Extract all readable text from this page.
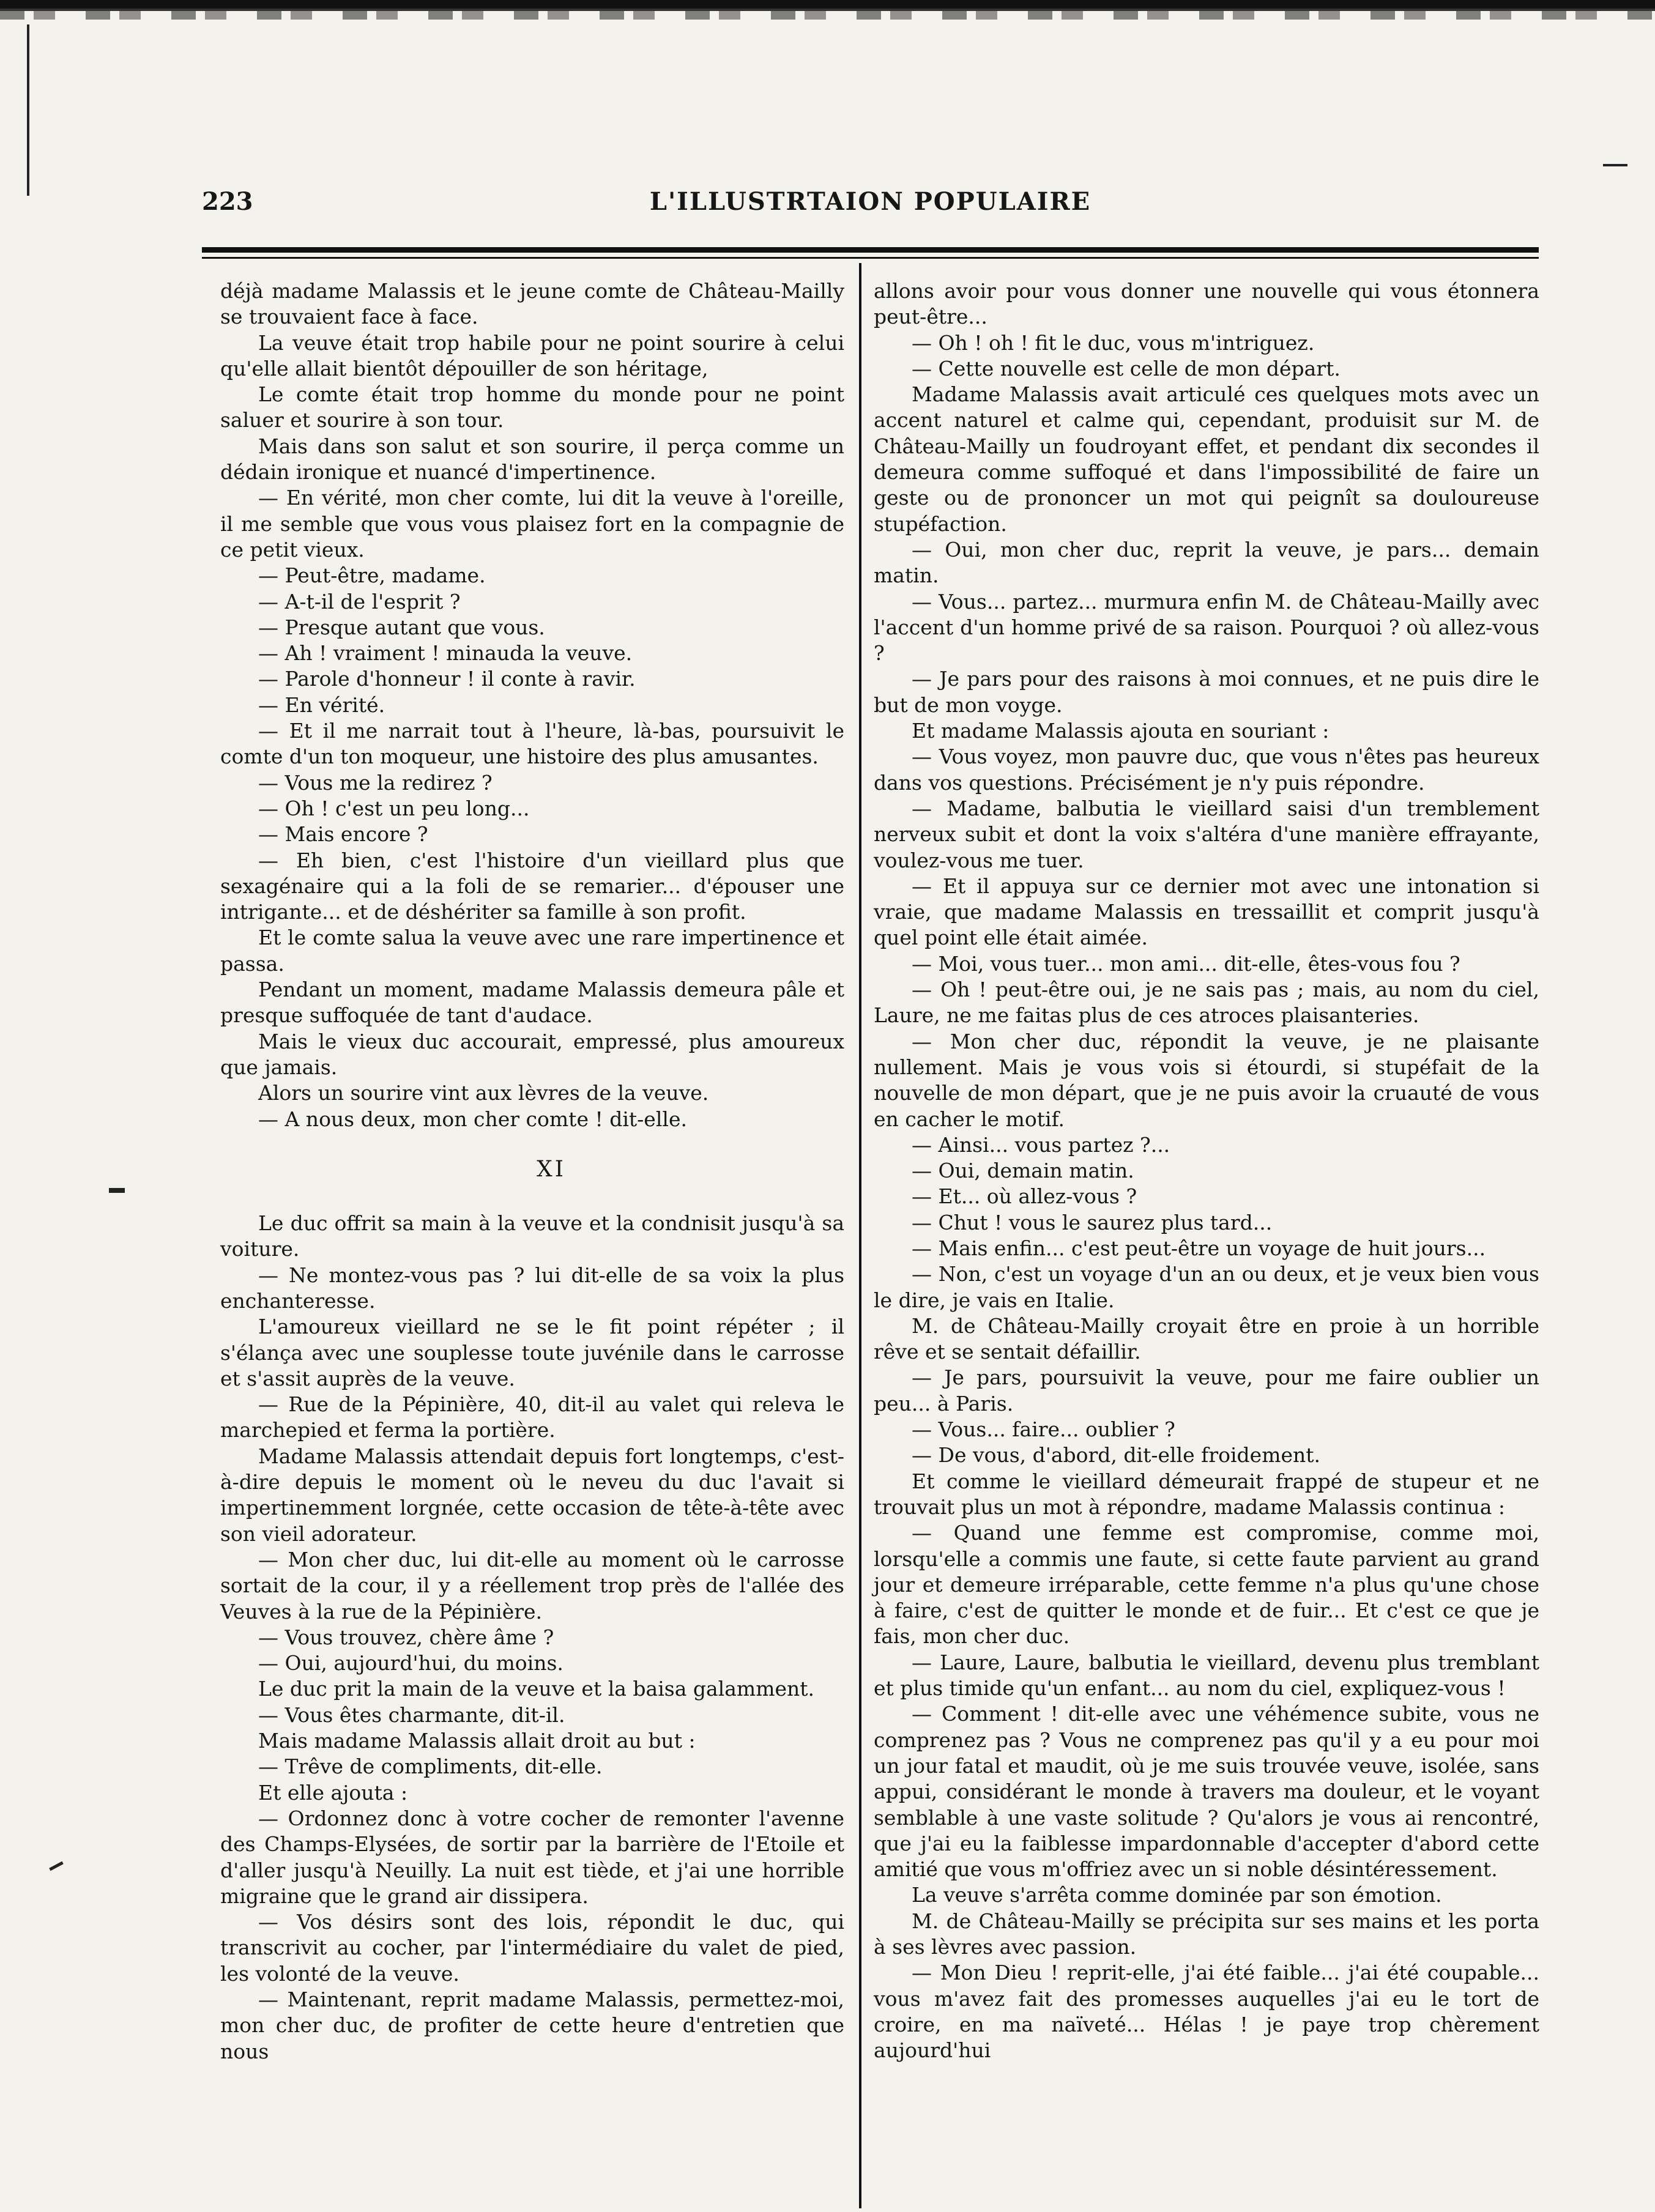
223	L'ILLUSTRTAION POPULAIRE

déjà madame Malassis et le jeune comte de Château-Mailly se trouvaient face à face.

La veuve était trop habile pour ne point sourire à celui qu'elle allait bientôt dépouiller de son héritage,

Le comte était trop homme du monde pour ne point saluer et sourire à son tour.

Mais dans son salut et son sourire, il perça comme un dédain ironique et nuancé d'impertinence.

— En vérité, mon cher comte, lui dit la veuve à l'oreille, il me semble que vous vous plaisez fort en la compagnie de ce petit vieux.

— Peut-être, madame.

— A-t-il de l'esprit ?

— Presque autant que vous.

— Ah ! vraiment ! minauda la veuve.

— Parole d'honneur ! il conte à ravir.

— En vérité.

— Et il me narrait tout à l'heure, là-bas, poursuivit le comte d'un ton moqueur, une histoire des plus amusantes.

— Vous me la redirez ?

— Oh ! c'est un peu long...

— Mais encore ?

— Eh bien, c'est l'histoire d'un vieillard plus que sexagénaire qui a la foli de se remarier... d'épouser une intrigante... et de déshériter sa famille à son profit.

Et le comte salua la veuve avec une rare impertinence et passa.

Pendant un moment, madame Malassis demeura pâle et presque suffoquée de tant d'audace.

Mais le vieux duc accourait, empressé, plus amoureux que jamais.

Alors un sourire vint aux lèvres de la veuve.

— A nous deux, mon cher comte ! dit-elle.

XI

Le duc offrit sa main à la veuve et la condnisit jusqu'à sa voiture.

— Ne montez-vous pas ? lui dit-elle de sa voix la plus enchanteresse.

L'amoureux vieillard ne se le fit point répéter ; il s'élança avec une souplesse toute juvénile dans le carrosse et s'assit auprès de la veuve.

— Rue de la Pépinière, 40, dit-il au valet qui releva le marchepied et ferma la portière.

Madame Malassis attendait depuis fort longtemps, c'est-à-dire depuis le moment où le neveu du duc l'avait si impertinemment lorgnée, cette occasion de tête-à-tête avec son vieil adorateur.

— Mon cher duc, lui dit-elle au moment où le carrosse sortait de la cour, il y a réellement trop près de l'allée des Veuves à la rue de la Pépinière.

— Vous trouvez, chère âme ?

— Oui, aujourd'hui, du moins.

Le duc prit la main de la veuve et la baisa galamment.

— Vous êtes charmante, dit-il.

Mais madame Malassis allait droit au but :

— Trêve de compliments, dit-elle.

Et elle ajouta :

— Ordonnez donc à votre cocher de remonter l'avenne des Champs-Elysées, de sortir par la barrière de l'Etoile et d'aller jusqu'à Neuilly. La nuit est tiède, et j'ai une horrible migraine que le grand air dissipera.

— Vos désirs sont des lois, répondit le duc, qui transcrivit au cocher, par l'intermédiaire du valet de pied, les volonté de la veuve.

— Maintenant, reprit madame Malassis, permettez-moi, mon cher duc, de profiter de cette heure d'entretien que nous

allons avoir pour vous donner une nouvelle qui vous étonnera peut-être...

— Oh ! oh ! fit le duc, vous m'intriguez.

— Cette nouvelle est celle de mon départ.

Madame Malassis avait articulé ces quelques mots avec un accent naturel et calme qui, cependant, produisit sur M. de Château-Mailly un foudroyant effet, et pendant dix secondes il demeura comme suffoqué et dans l'impossibilité de faire un geste ou de prononcer un mot qui peignît sa douloureuse stupéfaction.

— Oui, mon cher duc, reprit la veuve, je pars... demain matin.

— Vous... partez... murmura enfin M. de Château-Mailly avec l'accent d'un homme privé de sa raison. Pourquoi ? où allez-vous ?

— Je pars pour des raisons à moi connues, et ne puis dire le but de mon voyge.

Et madame Malassis ajouta en souriant :

— Vous voyez, mon pauvre duc, que vous n'êtes pas heureux dans vos questions. Précisément je n'y puis répondre.

— Madame, balbutia le vieillard saisi d'un tremblement nerveux subit et dont la voix s'altéra d'une manière effrayante, voulez-vous me tuer.

— Et il appuya sur ce dernier mot avec une intonation si vraie, que madame Malassis en tressaillit et comprit jusqu'à quel point elle était aimée.

— Moi, vous tuer... mon ami... dit-elle, êtes-vous fou ?

— Oh ! peut-être oui, je ne sais pas ; mais, au nom du ciel, Laure, ne me faitas plus de ces atroces plaisanteries.

— Mon cher duc, répondit la veuve, je ne plaisante nullement. Mais je vous vois si étourdi, si stupéfait de la nouvelle de mon départ, que je ne puis avoir la cruauté de vous en cacher le motif.

— Ainsi... vous partez ?...

— Oui, demain matin.

— Et... où allez-vous ?

— Chut ! vous le saurez plus tard...

— Mais enfin... c'est peut-être un voyage de huit jours...

— Non, c'est un voyage d'un an ou deux, et je veux bien vous le dire, je vais en Italie.

M. de Château-Mailly croyait être en proie à un horrible rêve et se sentait défaillir.

— Je pars, poursuivit la veuve, pour me faire oublier un peu... à Paris.

— Vous... faire... oublier ?

— De vous, d'abord, dit-elle froidement.

Et comme le vieillard démeurait frappé de stupeur et ne trouvait plus un mot à répondre, madame Malassis continua :

— Quand une femme est compromise, comme moi, lorsqu'elle a commis une faute, si cette faute parvient au grand jour et demeure irréparable, cette femme n'a plus qu'une chose à faire, c'est de quitter le monde et de fuir... Et c'est ce que je fais, mon cher duc.

— Laure, Laure, balbutia le vieillard, devenu plus tremblant et plus timide qu'un enfant... au nom du ciel, expliquez-vous !

— Comment ! dit-elle avec une véhémence subite, vous ne comprenez pas ? Vous ne comprenez pas qu'il y a eu pour moi un jour fatal et maudit, où je me suis trouvée veuve, isolée, sans appui, considérant le monde à travers ma douleur, et le voyant semblable à une vaste solitude ? Qu'alors je vous ai rencontré, que j'ai eu la faiblesse impardonnable d'accepter d'abord cette amitié que vous m'offriez avec un si noble désintéressement.

La veuve s'arrêta comme dominée par son émotion.

M. de Château-Mailly se précipita sur ses mains et les porta à ses lèvres avec passion.

— Mon Dieu ! reprit-elle, j'ai été faible... j'ai été coupable... vous m'avez fait des promesses auquelles j'ai eu le tort de croire, en ma naïveté... Hélas ! je paye trop chèrement aujourd'hui
